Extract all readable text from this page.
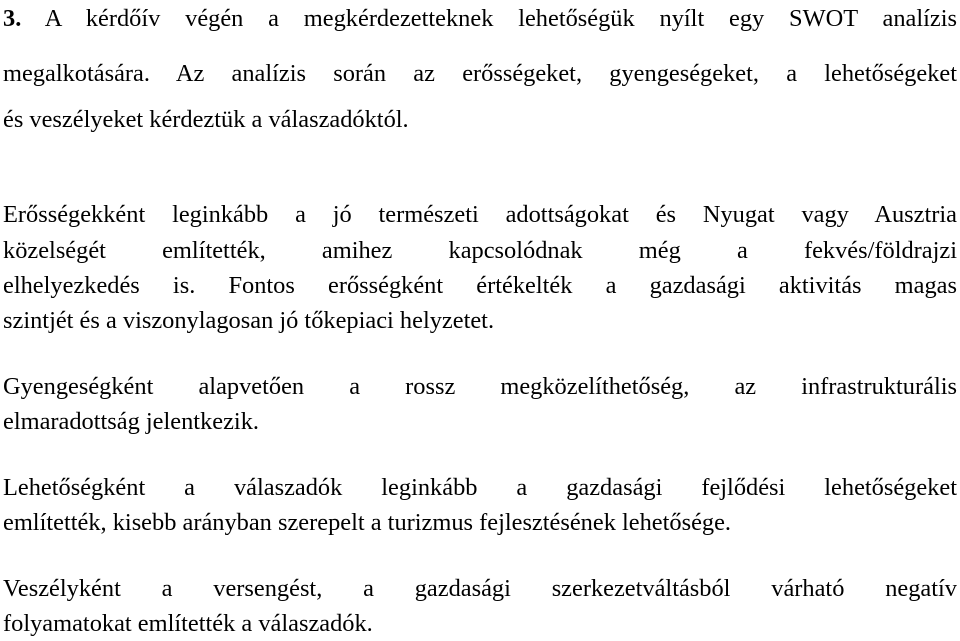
3. A kérdőív végén a megkérdezetteknek lehetőségük nyílt egy SWOT analízis
megalkotására. Az analízis során az erősségeket, gyengeségeket, a lehetőségeket
és veszélyeket kérdeztük a válaszadóktól.
Erősségekként leginkább a jó természeti adottságokat és Nyugat vagy Ausztria
közelségét említették, amihez kapcsolódnak még a fekvés/földrajzi
elhelyezkedés is. Fontos erősségként értékelték a gazdasági aktivitás magas
szintjét és a viszonylagosan jó tőkepiaci helyzetet.
Gyengeségként alapvetően a rossz megközelíthetőség, az infrastrukturális
elmaradottság jelentkezik.
Lehetőségként a válaszadók leginkább a gazdasági fejlődési lehetőségeket
említették, kisebb arányban szerepelt a turizmus fejlesztésének lehetősége.
Veszélyként a versengést, a gazdasági szerkezetváltásból várható negatív
folyamatokat említették a válaszadók.
